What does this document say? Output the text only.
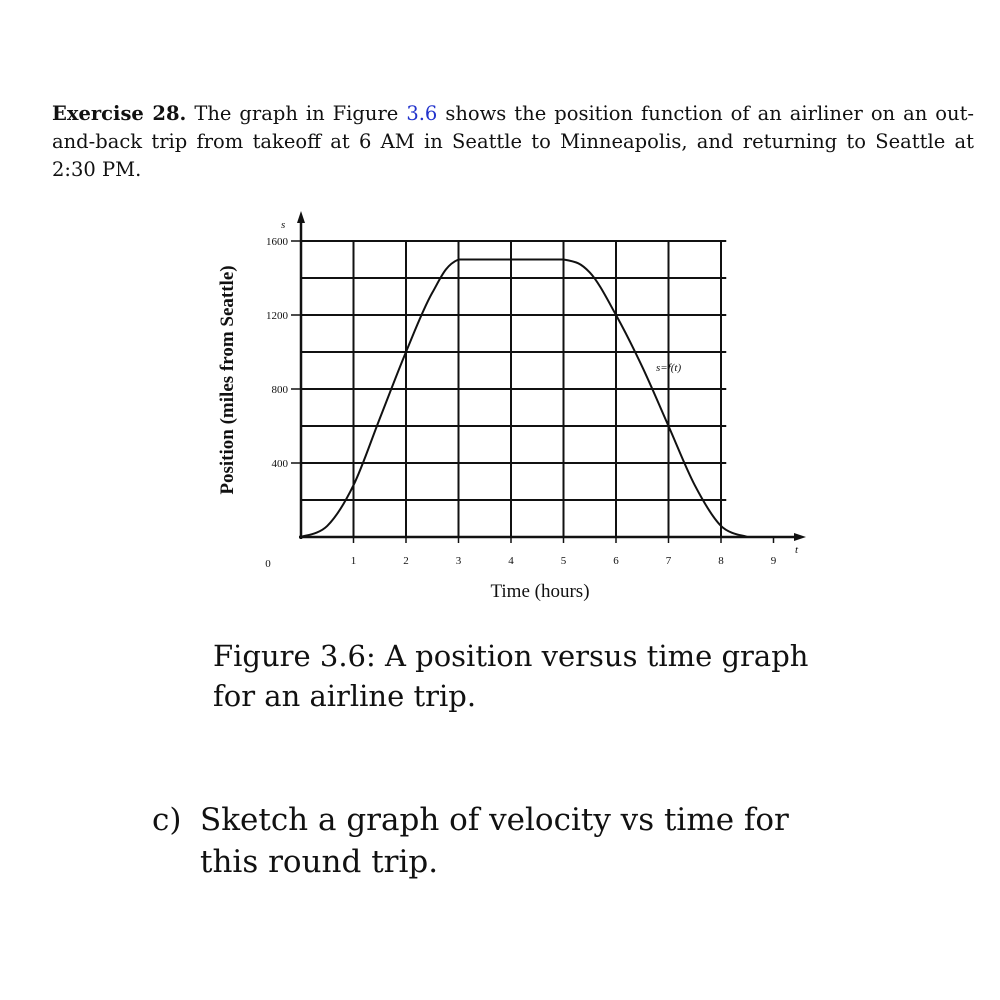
Exercise 28. The graph in Figure 3.6 shows the position function of an airliner on an out-and-back trip from takeoff at 6 AM in Seattle to Minneapolis, and returning to Seattle at 2:30 PM.
1	2	3	4	5	6	7	8	9
400
800
1200
1600
Position (miles from Seattle)
Time (hours)
s
t
0
s=f(t)
Figure 3.6: A position versus time graph for an airline trip.
c) Sketch a graph of velocity vs time for this round trip.
